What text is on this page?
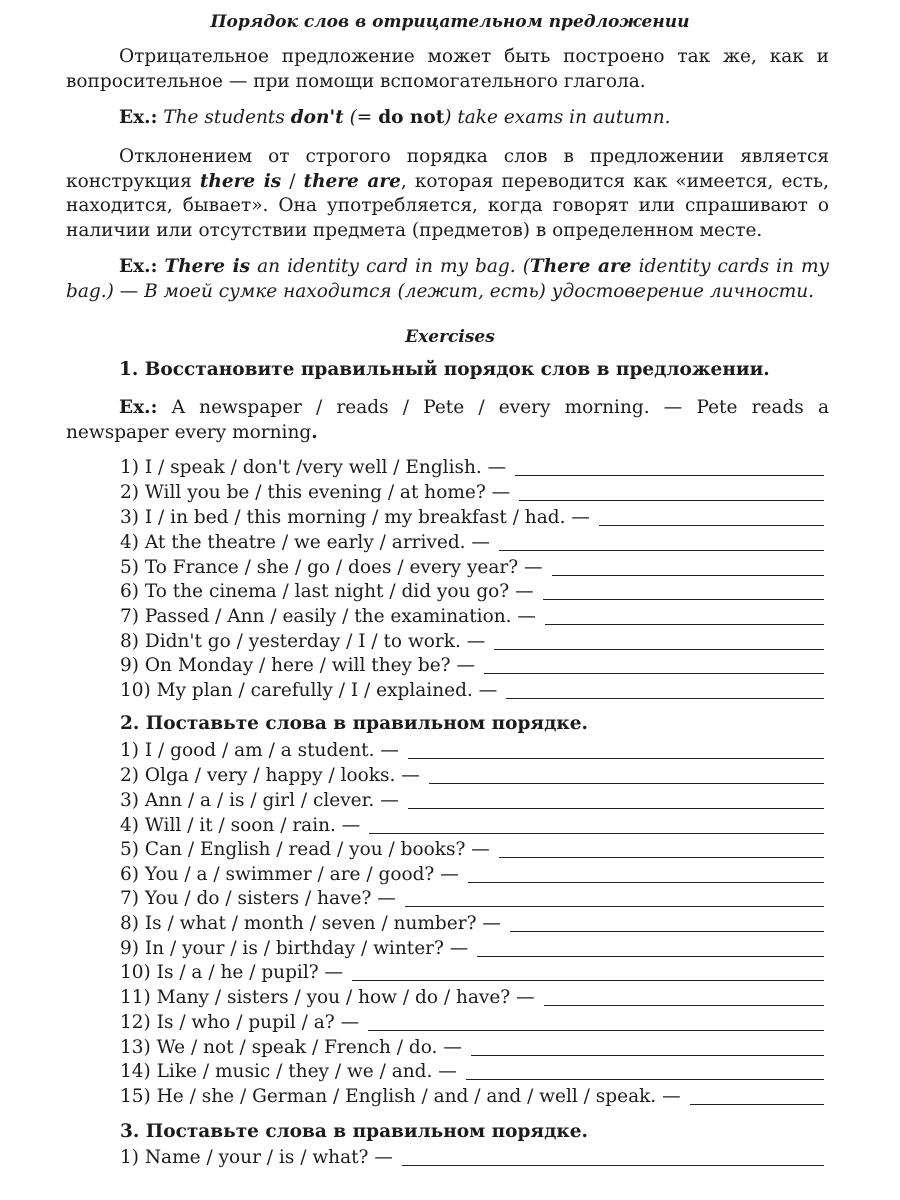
Порядок слов в отрицательном предложении
Отрицательное предложение может быть построено так же, как и вопросительное — при помощи вспомогательного глагола.
Ex.: The students don't (= do not) take exams in autumn.
Отклонением от строгого порядка слов в предложении является конструкция there is / there are, которая переводится как «имеется, есть, находится, бывает». Она употребляется, когда говорят или спрашивают о наличии или отсутствии предмета (предметов) в определенном месте.
Ex.: There is an identity card in my bag. (There are identity cards in my bag.) — В моей сумке находится (лежит, есть) удостоверение личности.
Exercises
1. Восстановите правильный порядок слов в предложении.
Ex.: A newspaper / reads / Pete / every morning. — Pete reads a newspaper every morning.
1) I / speak / don't /very well / English. —
2) Will you be / this evening / at home? —
3) I / in bed / this morning / my breakfast / had. —
4) At the theatre / we early / arrived. —
5) To France / she / go / does / every year? —
6) To the cinema / last night / did you go? —
7) Passed / Ann / easily / the examination. —
8) Didn't go / yesterday / I / to work. —
9) On Monday / here / will they be? —
10) My plan / carefully / I / explained. —
2. Поставьте слова в правильном порядке.
1) I / good / am / a student. —
2) Olga / very / happy / looks. —
3) Ann / a / is / girl / clever. —
4) Will / it / soon / rain. —
5) Can / English / read / you / books? —
6) You / a / swimmer / are / good? —
7) You / do / sisters / have? —
8) Is / what / month / seven / number? —
9) In / your / is / birthday / winter? —
10) Is / a / he / pupil? —
11) Many / sisters / you / how / do / have? —
12) Is / who / pupil / a? —
13) We / not / speak / French / do. —
14) Like / music / they / we / and. —
15) He / she / German / English / and / and / well / speak. —
3. Поставьте слова в правильном порядке.
1) Name / your / is / what? —
